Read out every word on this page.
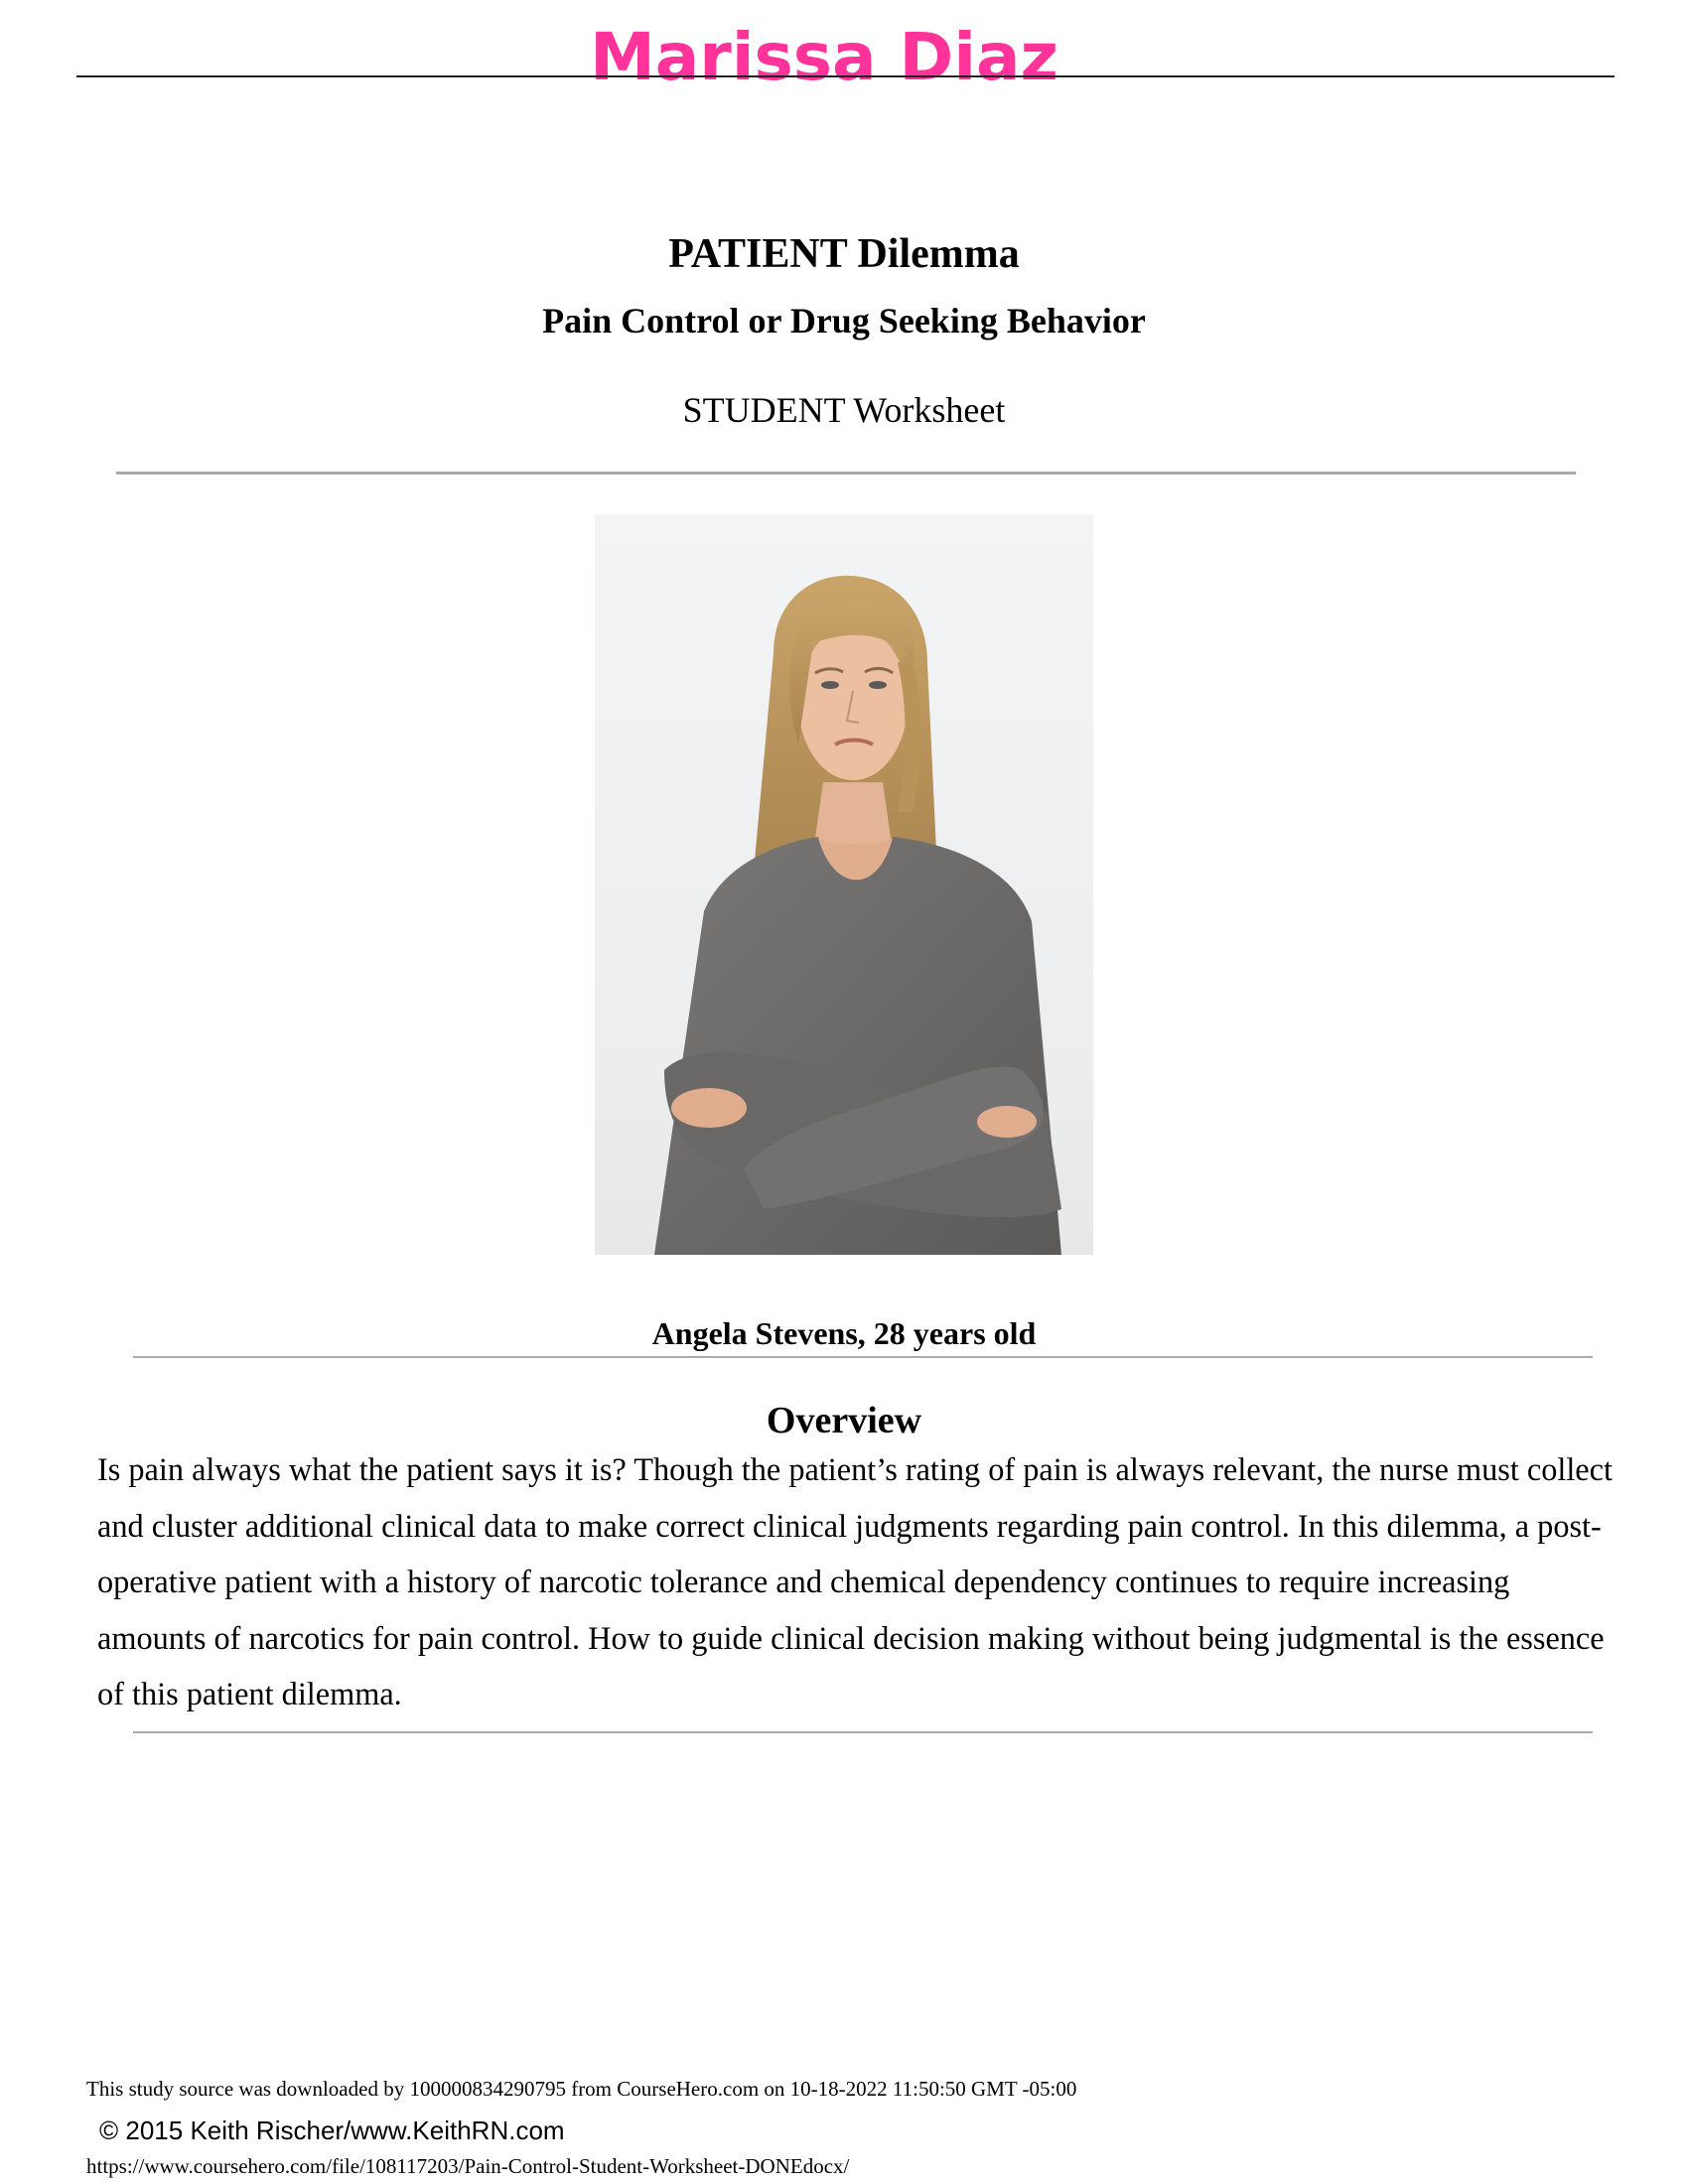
Marissa Diaz
PATIENT Dilemma
Pain Control or Drug Seeking Behavior

STUDENT Worksheet

Angela Stevens, 28 years old

Overview

Is pain always what the patient says it is? Though the patient’s rating of pain is always relevant, the nurse must collect and cluster additional clinical data to make correct clinical judgments regarding pain control. In this dilemma, a post-operative patient with a history of narcotic tolerance and chemical dependency continues to require increasing amounts of narcotics for pain control. How to guide clinical decision making without being judgmental is the essence of this patient dilemma.

This study source was downloaded by 100000834290795 from CourseHero.com on 10-18-2022 11:50:50 GMT -05:00

© 2015 Keith Rischer/www.KeithRN.com

https://www.coursehero.com/file/108117203/Pain-Control-Student-Worksheet-DONEdocx/
